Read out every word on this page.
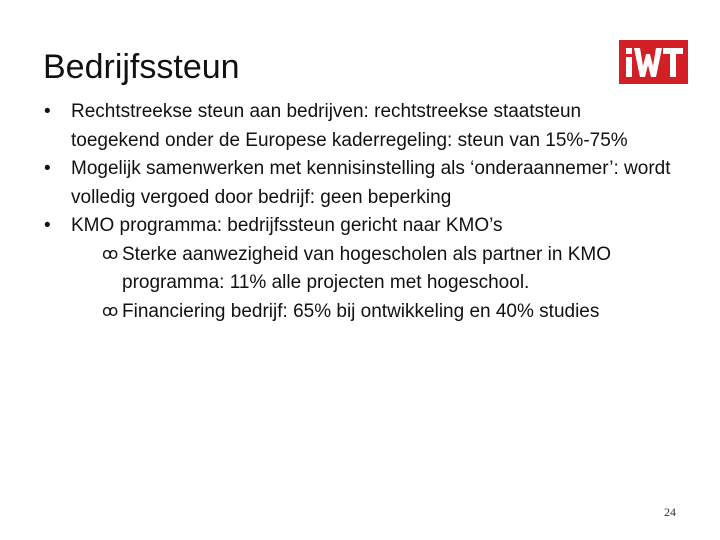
Bedrijfssteun
•	Rechtstreekse steun aan bedrijven: rechtstreekse staatsteun toegekend onder de Europese kaderregeling: steun van 15%-75%
•	Mogelijk samenwerken met kennisinstelling als ‘onderaannemer’: wordt volledig vergoed door bedrijf: geen beperking
•	KMO programma: bedrijfssteun gericht naar KMO’s
ꝏ Sterke aanwezigheid van hogescholen als partner in KMO programma: 11% alle projecten met hogeschool.
ꝏ Financiering bedrijf: 65% bij ontwikkeling en 40% studies
24
